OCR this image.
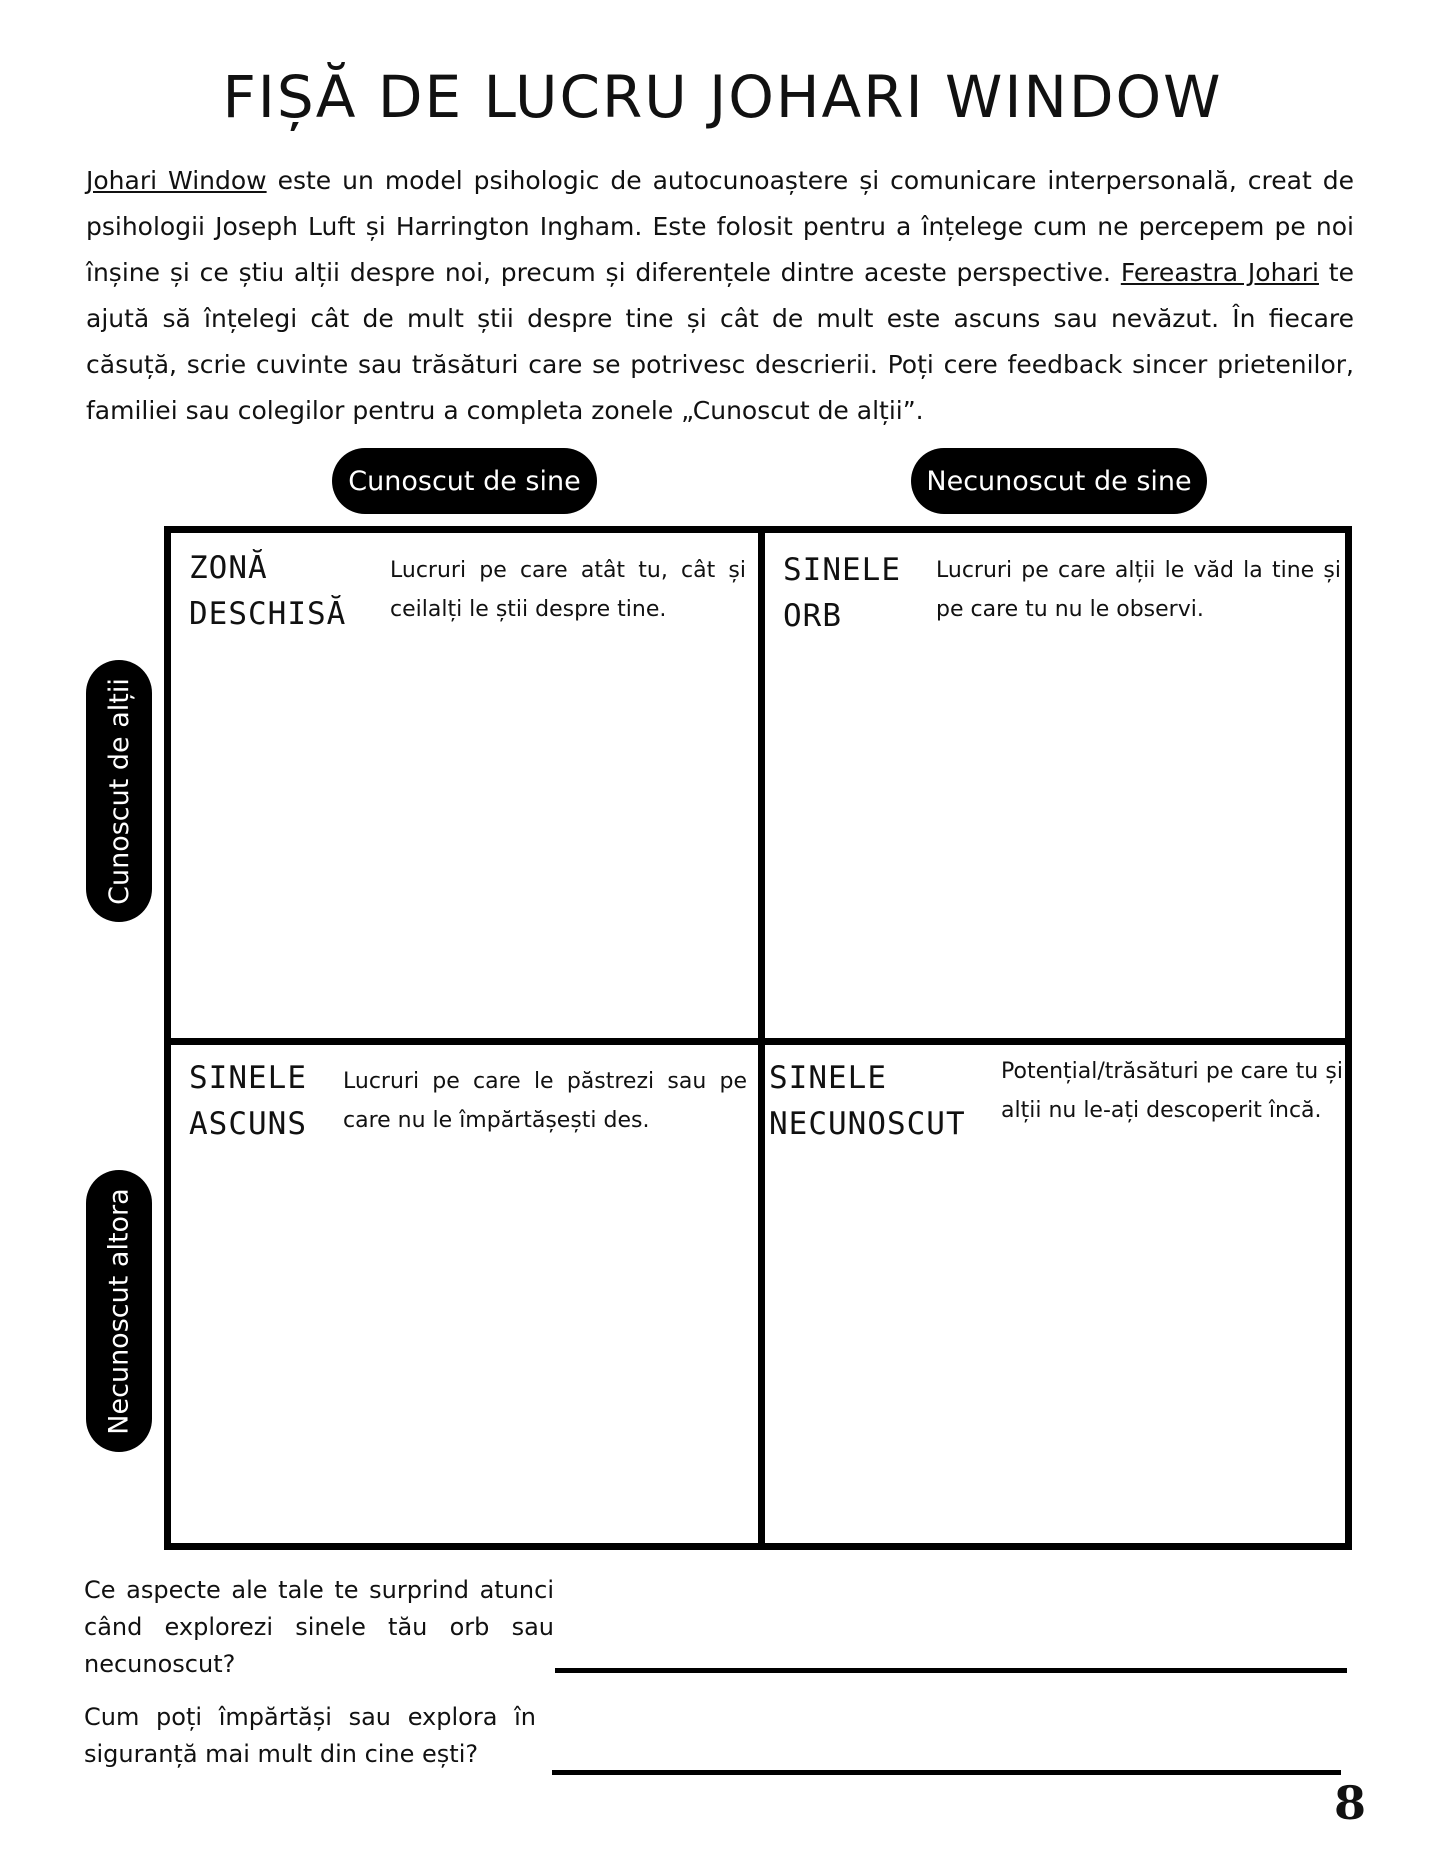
FIȘĂ DE LUCRU JOHARI WINDOW
Johari Window este un model psihologic de autocunoaștere și comunicare interpersonală, creat de psihologii Joseph Luft și Harrington Ingham. Este folosit pentru a înțelege cum ne percepem pe noi înșine și ce știu alții despre noi, precum și diferențele dintre aceste perspective. Fereastra Johari te ajută să înțelegi cât de mult știi despre tine și cât de mult este ascuns sau nevăzut. În fiecare căsuță, scrie cuvinte sau trăsături care se potrivesc descrierii. Poți cere feedback sincer prietenilor, familiei sau colegilor pentru a completa zonele „Cunoscut de alții”.
Cunoscut de sine	Necunoscut de sine
Cunoscut de alții
Necunoscut altora
ZONĂ
DESCHISĂ
Lucruri pe care atât tu, cât și ceilalți le știi despre tine.
SINELE
ORB
Lucruri pe care alții le văd la tine și pe care tu nu le observi.
SINELE
ASCUNS
Lucruri pe care le păstrezi sau pe care nu le împărtășești des.
SINELE
NECUNOSCUT
Potențial/trăsături pe care tu și alții nu le-ați descoperit încă.
Ce aspecte ale tale te surprind atunci când explorezi sinele tău orb sau necunoscut?
Cum poți împărtăși sau explora în siguranță mai mult din cine ești?
8
